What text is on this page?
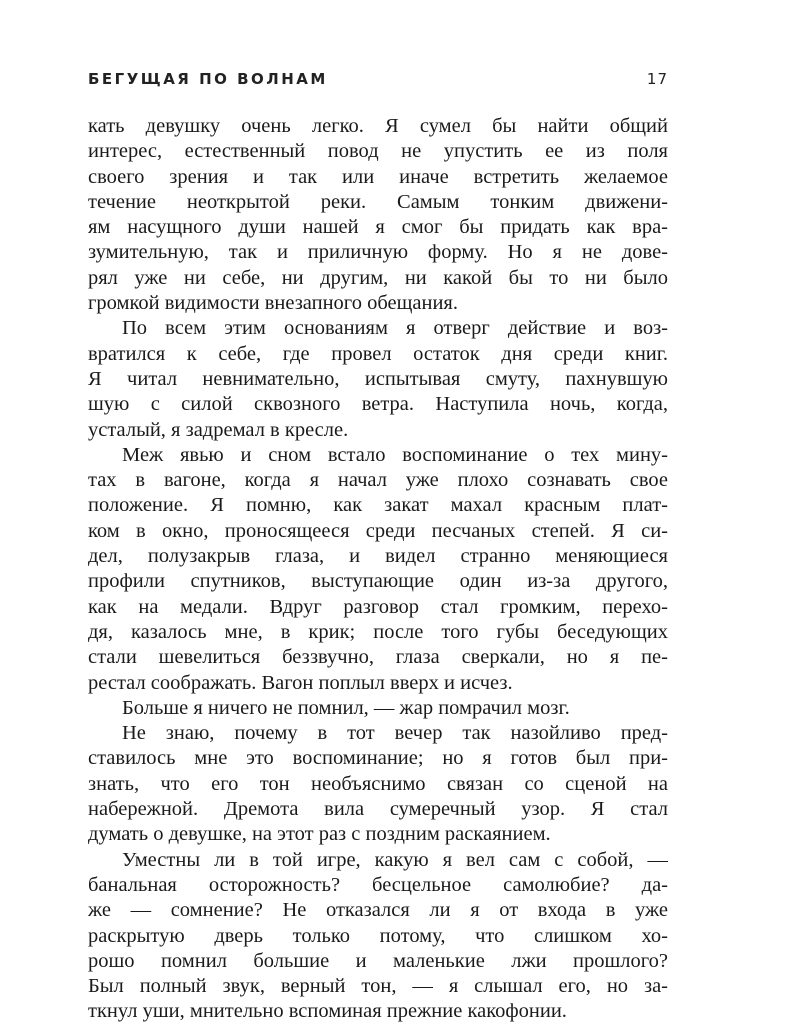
БЕГУЩАЯ ПО ВОЛНАМ	17
кать девушку очень легко. Я сумел бы найти общий
интерес, естественный повод не упустить ее из поля
своего зрения и так или иначе встретить желаемое
течение неоткрытой реки. Самым тонким движени-
ям насущного души нашей я смог бы придать как вра-
зумительную, так и приличную форму. Но я не дове-
рял уже ни себе, ни другим, ни какой бы то ни было
громкой видимости внезапного обещания.
По всем этим основаниям я отверг действие и воз-
вратился к себе, где провел остаток дня среди книг.
Я читал невнимательно, испытывая смуту, пахнувшую
шую с силой сквозного ветра. Наступила ночь, когда,
усталый, я задремал в кресле.
Меж явью и сном встало воспоминание о тех мину-
тах в вагоне, когда я начал уже плохо сознавать свое
положение. Я помню, как закат махал красным плат-
ком в окно, проносящееся среди песчаных степей. Я си-
дел, полузакрыв глаза, и видел странно меняющиеся
профили спутников, выступающие один из-за другого,
как на медали. Вдруг разговор стал громким, перехо-
дя, казалось мне, в крик; после того губы беседующих
стали шевелиться беззвучно, глаза сверкали, но я пе-
рестал соображать. Вагон поплыл вверх и исчез.
Больше я ничего не помнил, — жар помрачил мозг.
Не знаю, почему в тот вечер так назойливо пред-
ставилось мне это воспоминание; но я готов был при-
знать, что его тон необъяснимо связан со сценой на
набережной. Дремота вила сумеречный узор. Я стал
думать о девушке, на этот раз с поздним раскаянием.
Уместны ли в той игре, какую я вел сам с собой, —
банальная осторожность? бесцельное самолюбие? да-
же — сомнение? Не отказался ли я от входа в уже
раскрытую дверь только потому, что слишком хо-
рошо помнил большие и маленькие лжи прошлого?
Был полный звук, верный тон, — я слышал его, но за-
ткнул уши, мнительно вспоминая прежние какофонии.
